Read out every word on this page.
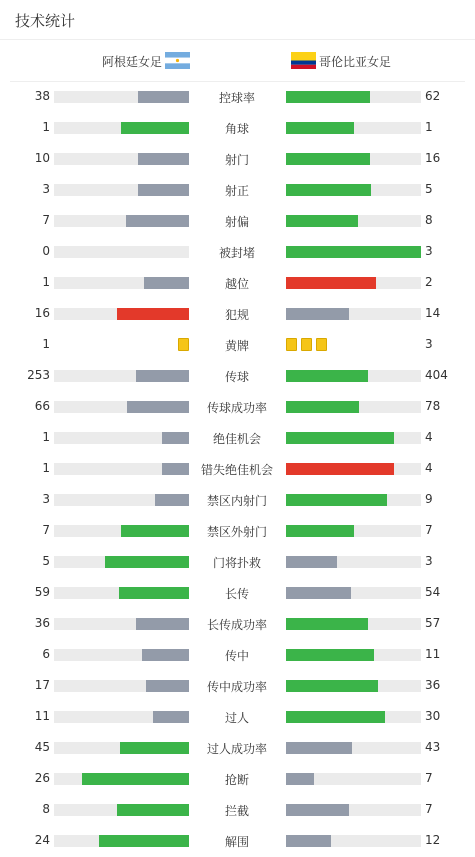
技术统计
阿根廷女足	哥伦比亚女足
38	控球率	62
1	角球	1
10	射门	16
3	射正	5
7	射偏	8
0	被封堵	3
1	越位	2
16	犯规	14
1	黄牌	3
253	传球	404
66	传球成功率	78
1	绝佳机会	4
1	错失绝佳机会	4
3	禁区内射门	9
7	禁区外射门	7
5	门将扑救	3
59	长传	54
36	长传成功率	57
6	传中	11
17	传中成功率	36
11	过人	30
45	过人成功率	43
26	抢断	7
8	拦截	7
24	解围	12
